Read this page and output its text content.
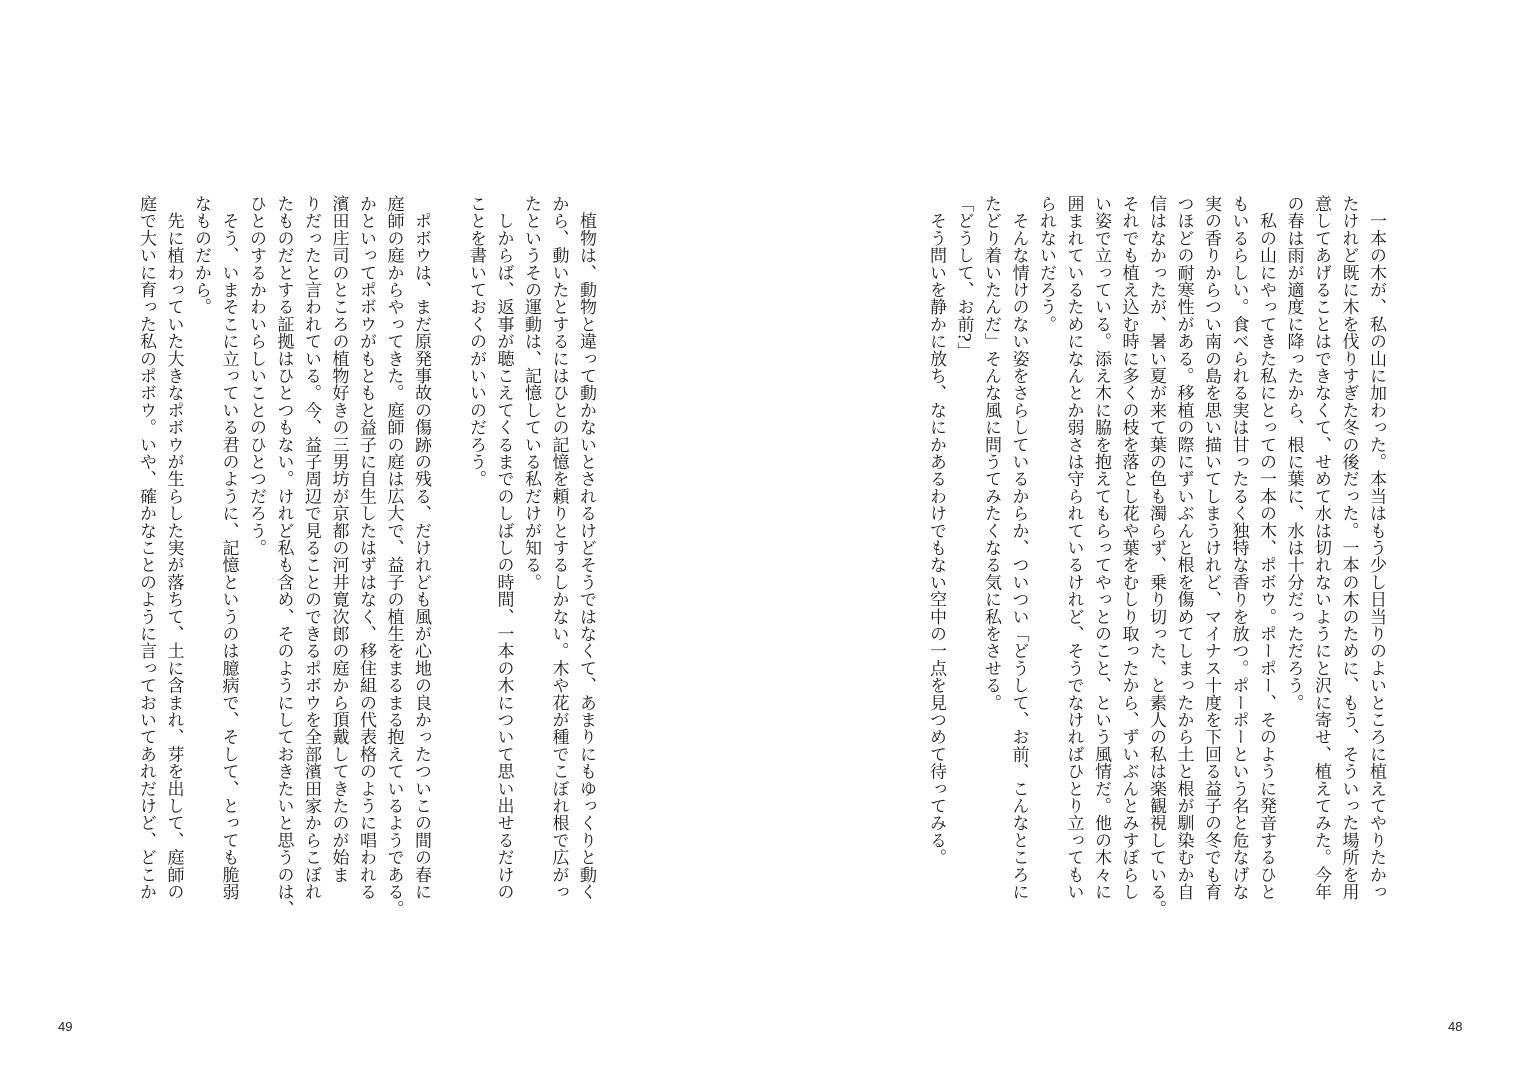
　一本の木が、私の山に加わった。本当はもう少し日当りのよいところに植えてやりたかっ
たけれど既に木を伐りすぎた冬の後だった。一本の木のために、もう、そういった場所を用
意してあげることはできなくて、せめて水は切れないようにと沢に寄せ、植えてみた。今年
の春は雨が適度に降ったから、根に葉に、水は十分だっただろう。
　私の山にやってきた私にとっての一本の木、ポボウ。ポーポー、そのように発音するひと
もいるらしい。食べられる実は甘ったるく独特な香りを放つ。ポーポーという名と危なげな
実の香りからつい南の島を思い描いてしまうけれど、マイナス十度を下回る益子の冬でも育
つほどの耐寒性がある。移植の際にずいぶんと根を傷めてしまったから土と根が馴染むか自
信はなかったが、暑い夏が来て葉の色も濁らず、乗り切った、と素人の私は楽観視している。
それでも植え込む時に多くの枝を落とし花や葉をむしり取ったから、ずいぶんとみすぼらし
い姿で立っている。添え木に脇を抱えてもらってやっとのこと、という風情だ。他の木々に
囲まれているためになんとか弱さは守られているけれど、そうでなければひとり立ってもい
られないだろう。
　そんな情けのない姿をさらしているからか、ついつい「どうして、お前、こんなところに
たどり着いたんだ」そんな風に問うてみたくなる気に私をさせる。
「どうして、お前?」
　そう問いを静かに放ち、なにかあるわけでもない空中の一点を見つめて待ってみる。
　植物は、動物と違って動かないとされるけどそうではなくて、あまりにもゆっくりと動く
から、動いたとするにはひとの記憶を頼りとするしかない。木や花が種でこぼれ根で広がっ
たというその運動は、記憶している私だけが知る。
　しからば、返事が聴こえてくるまでのしばしの時間、一本の木について思い出せるだけの
ことを書いておくのがいいのだろう。
　ポボウは、まだ原発事故の傷跡の残る、だけれども風が心地の良かったついこの間の春に
庭師の庭からやってきた。庭師の庭は広大で、益子の植生をまるまる抱えているようである。
かといってポボウがもともと益子に自生したはずはなく、移住組の代表格のように唱われる
濱田庄司のところの植物好きの三男坊が京都の河井寛次郎の庭から頂戴してきたのが始ま
りだったと言われている。今、益子周辺で見ることのできるポボウを全部濱田家からこぼれ
たものだとする証拠はひとつもない。けれど私も含め、そのようにしておきたいと思うのは、
ひとのするかわいらしいことのひとつだろう。
　そう、いまそこに立っている君のように、記憶というのは臆病で、そして、とっても脆弱
なものだから。
　先に植わっていた大きなポボウが生らした実が落ちて、土に含まれ、芽を出して、庭師の
庭で大いに育った私のポボウ。いや、確かなことのように言っておいてあれだけど、どこか
49	48
